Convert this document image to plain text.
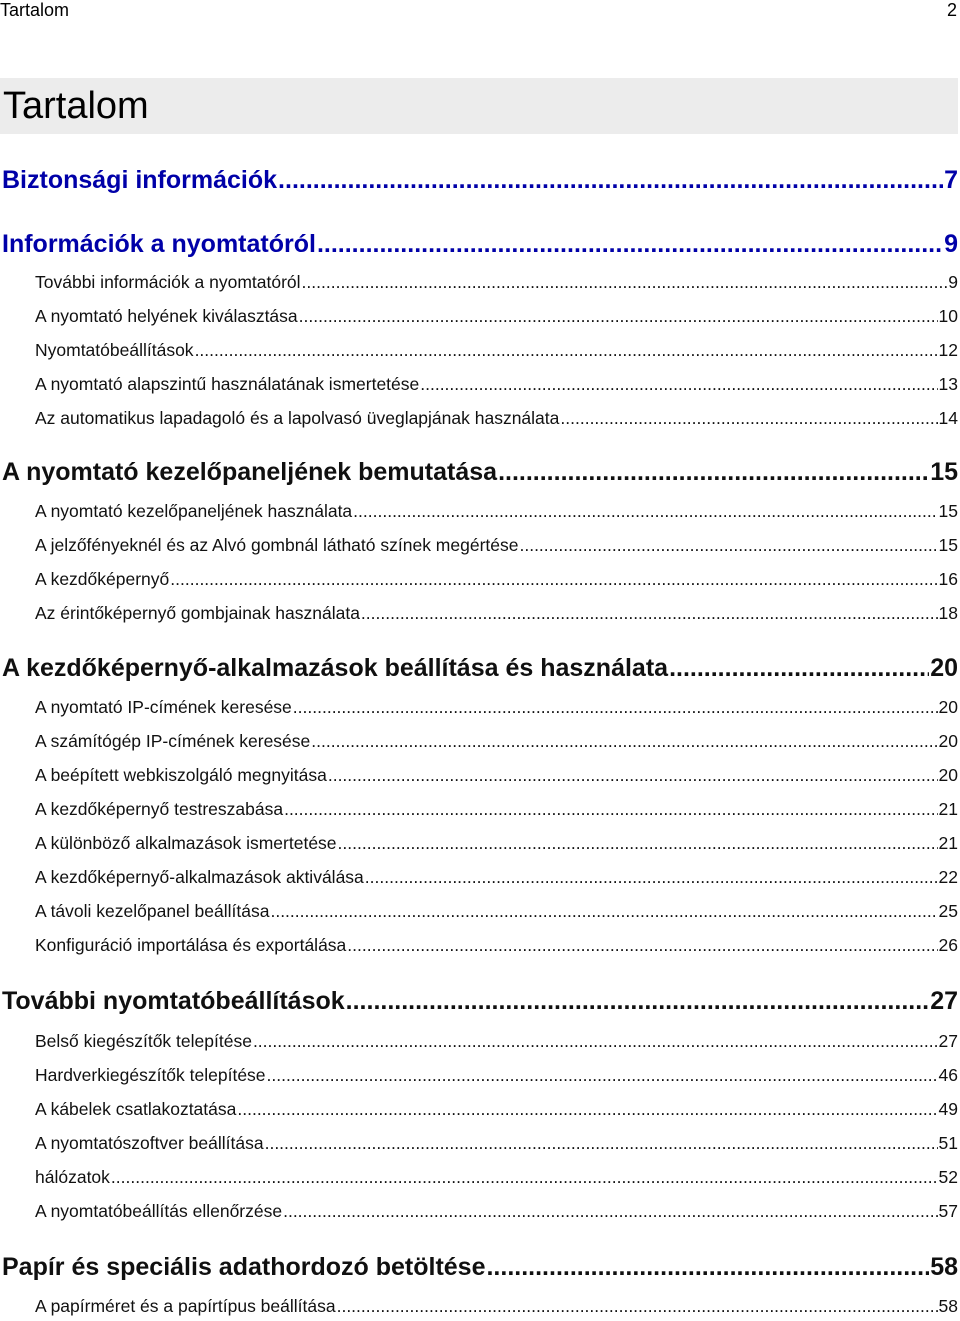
Tartalom	2
Tartalom
Biztonsági információk .....	7
Információk a nyomtatóról .....	9
További információk a nyomtatóról .....	9
A nyomtató helyének kiválasztása .....	10
Nyomtatóbeállítások .....	12
A nyomtató alapszintű használatának ismertetése .....	13
Az automatikus lapadagoló és a lapolvasó üveglapjának használata .....	14
A nyomtató kezelőpaneljének bemutatása .....	15
A nyomtató kezelőpaneljének használata .....	15
A jelzőfényeknél és az Alvó gombnál látható színek megértése .....	15
A kezdőképernyő .....	16
Az érintőképernyő gombjainak használata .....	18
A kezdőképernyő-alkalmazások beállítása és használata .....	20
A nyomtató IP-címének keresése .....	20
A számítógép IP-címének keresése .....	20
A beépített webkiszolgáló megnyitása .....	20
A kezdőképernyő testreszabása .....	21
A különböző alkalmazások ismertetése .....	21
A kezdőképernyő-alkalmazások aktiválása .....	22
A távoli kezelőpanel beállítása .....	25
Konfiguráció importálása és exportálása .....	26
További nyomtatóbeállítások .....	27
Belső kiegészítők telepítése .....	27
Hardverkiegészítők telepítése .....	46
A kábelek csatlakoztatása .....	49
A nyomtatószoftver beállítása .....	51
hálózatok .....	52
A nyomtatóbeállítás ellenőrzése .....	57
Papír és speciális adathordozó betöltése .....	58
A papírméret és a papírtípus beállítása .....	58
